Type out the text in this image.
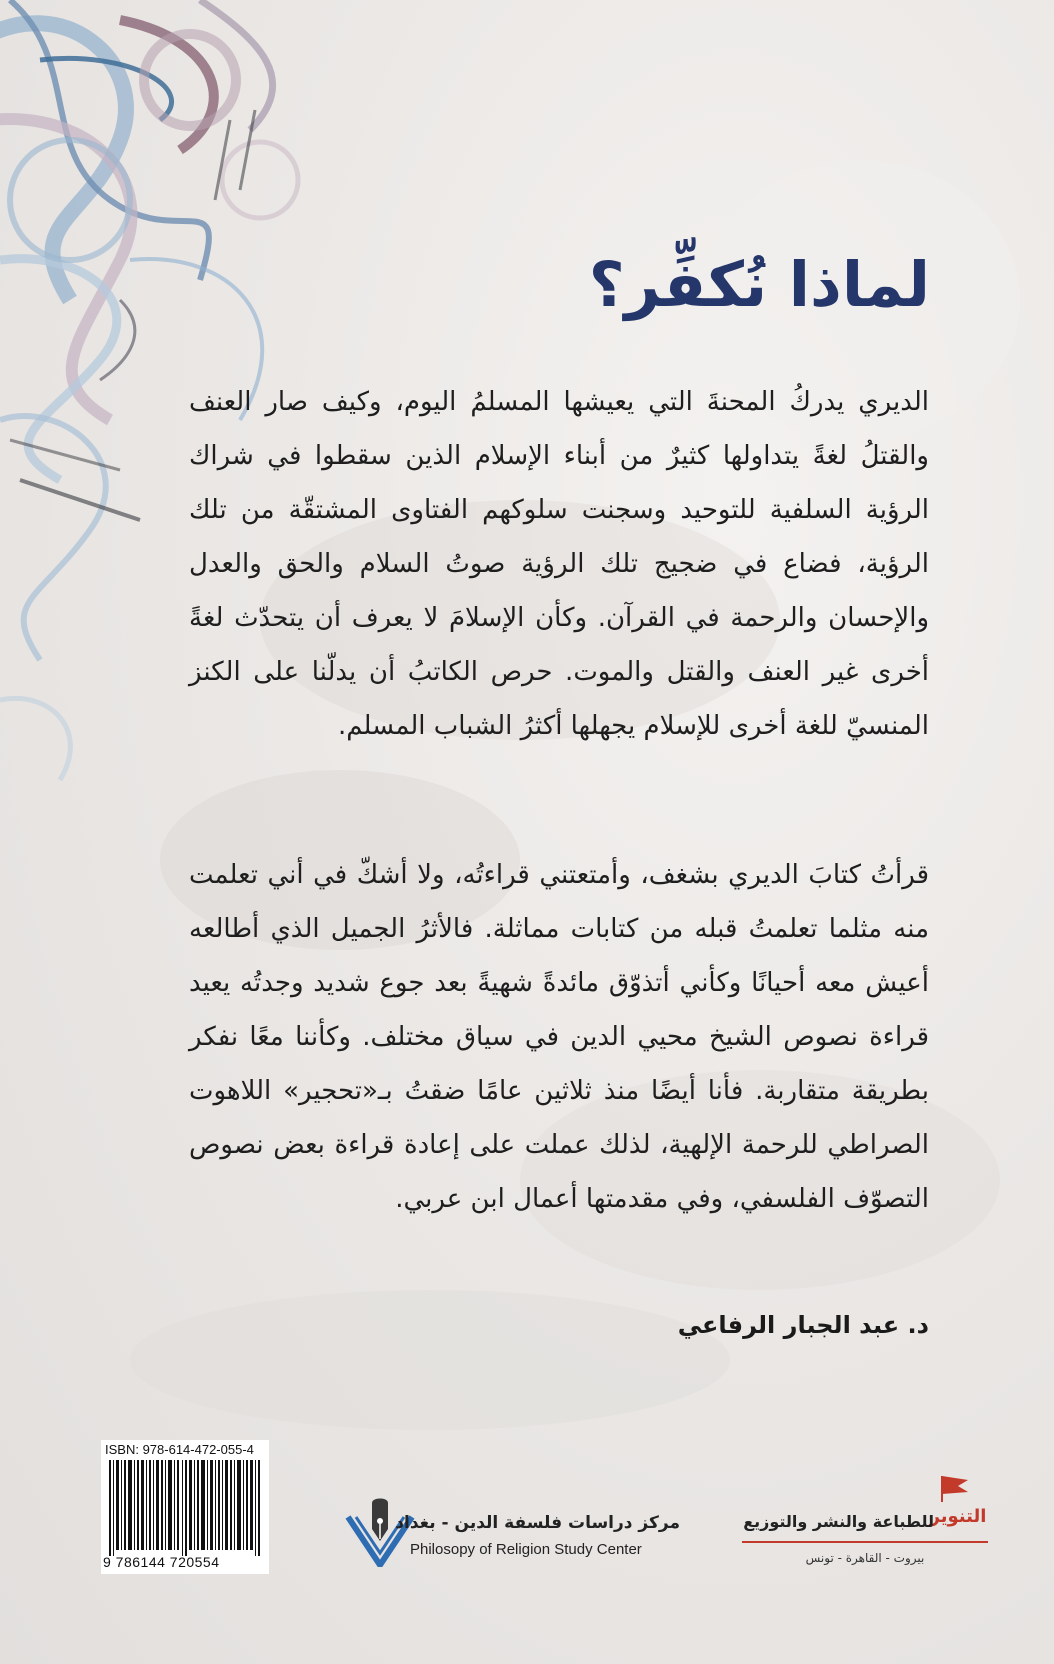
لماذا نُكفِّر؟

الديري يدركُ المحنةَ التي يعيشها المسلمُ اليوم، وكيف صار العنف والقتلُ لغةً يتداولها كثيرٌ من أبناء الإسلام الذين سقطوا في شراك الرؤية السلفية للتوحيد وسجنت سلوكهم الفتاوى المشتقّة من تلك الرؤية، فضاع في ضجيج تلك الرؤية صوتُ السلام والحق والعدل والإحسان والرحمة في القرآن. وكأن الإسلامَ لا يعرف أن يتحدّث لغةً أخرى غير العنف والقتل والموت. حرص الكاتبُ أن يدلّنا على الكنز المنسيّ للغة أخرى للإسلام يجهلها أكثرُ الشباب المسلم.

قرأتُ كتابَ الديري بشغف، وأمتعتني قراءتُه، ولا أشكّ في أني تعلمت منه مثلما تعلمتُ قبله من كتابات مماثلة. فالأثرُ الجميل الذي أطالعه أعيش معه أحيانًا وكأني أتذوّق مائدةً شهيةً بعد جوع شديد وجدتُه يعيد قراءة نصوص الشيخ محيي الدين في سياق مختلف. وكأننا معًا نفكر بطريقة متقاربة. فأنا أيضًا منذ ثلاثين عامًا ضقتُ بـ«تحجير» اللاهوت الصراطي للرحمة الإلهية، لذلك عملت على إعادة قراءة بعض نصوص التصوّف الفلسفي، وفي مقدمتها أعمال ابن عربي.

د. عبد الجبار الرفاعي

ISBN: 978-614-472-055-4
9 786144 720554
مركز دراسات فلسفة الدين - بغداد
Philosopy of Religion Study Center
التنوير
للطباعة والنشر والتوزيع
بيروت - القاهرة - تونس
